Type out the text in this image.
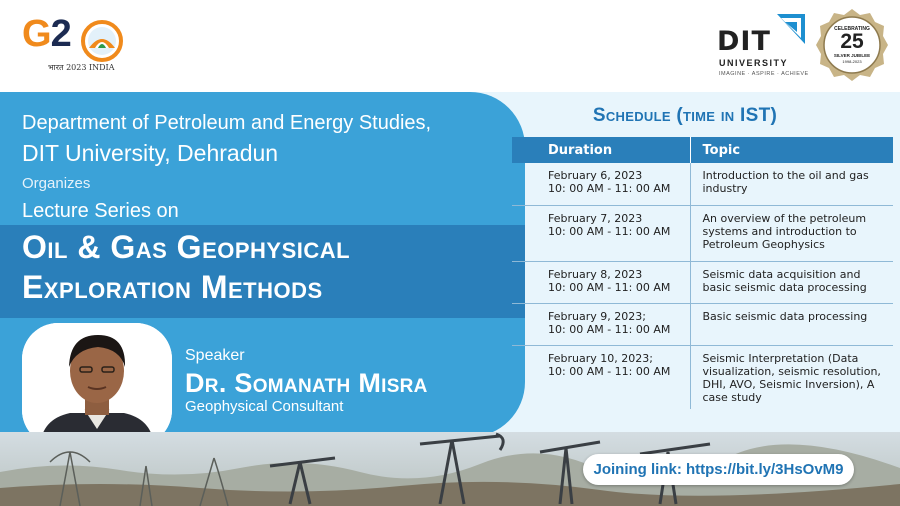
G2
भारत 2023 INDIA
DIT
UNIVERSITY
IMAGINE · ASPIRE · ACHIEVE
CELEBRATING
25
SILVER JUBILEE
1998-2023
Department of Petroleum and Energy Studies,
DIT University, Dehradun
Organizes
Lecture Series on
Oil & Gas Geophysical
Exploration Methods
Speaker
Dr. Somanath Misra
Geophysical Consultant
Schedule (time in IST)
Duration	Topic

February 6, 2023
10: 00 AM - 11: 00 AM	Introduction to the oil and gas industry

February 7, 2023
10: 00 AM - 11: 00 AM	An overview of the petroleum systems and introduction to Petroleum Geophysics

February 8, 2023
10: 00 AM - 11: 00 AM	Seismic data acquisition and basic seismic data processing

February 9, 2023;
10: 00 AM - 11: 00 AM	Basic seismic data processing

February 10, 2023;
10: 00 AM - 11: 00 AM	Seismic Interpretation (Data visualization, seismic resolution, DHI, AVO, Seismic Inversion), A case study
Joining link: https://bit.ly/3HsOvM9
